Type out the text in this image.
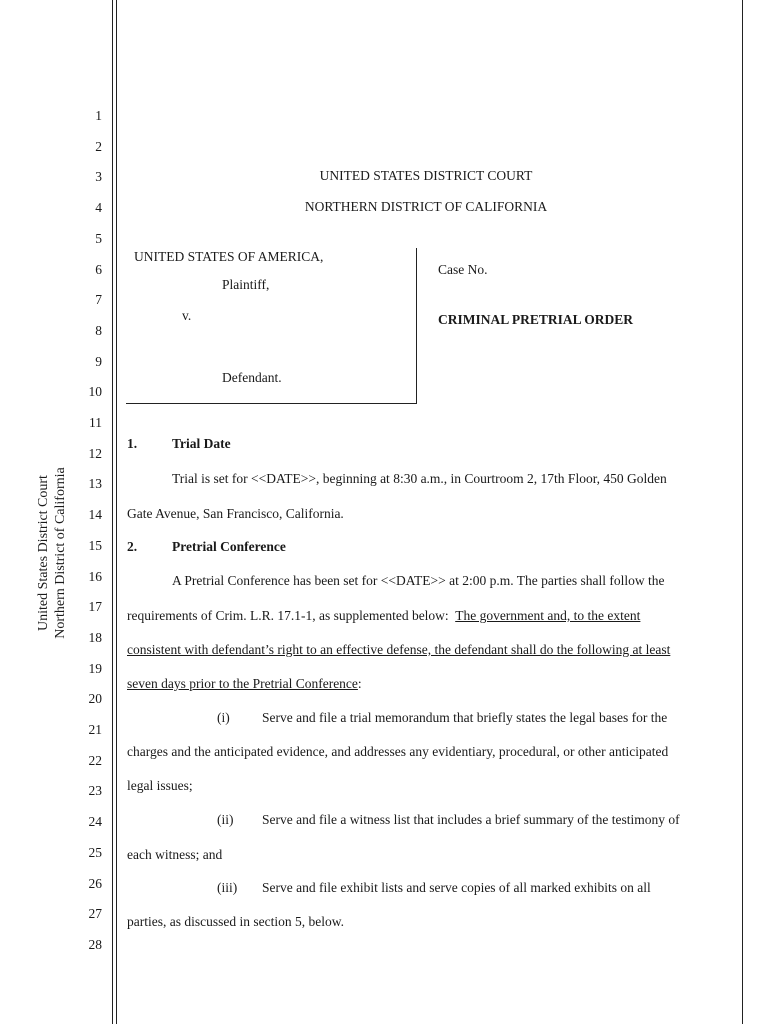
1
2
3
4
5
6
7
8
9
10
11
12
13
14
15
16
17
18
19
20
21
22
23
24
25
26
27
28
United States District Court Northern District of California
UNITED STATES DISTRICT COURT
NORTHERN DISTRICT OF CALIFORNIA
UNITED STATES OF AMERICA,
Plaintiff,
v.
Defendant.
Case No.
CRIMINAL PRETRIAL ORDER
1.	Trial Date
Trial is set for <<DATE>>, beginning at 8:30 a.m., in Courtroom 2, 17th Floor, 450 Golden
Gate Avenue, San Francisco, California.
2.	Pretrial Conference
A Pretrial Conference has been set for <<DATE>> at 2:00 p.m. The parties shall follow the
requirements of Crim. L.R. 17.1-1, as supplemented below:  The government and, to the extent
consistent with defendant’s right to an effective defense, the defendant shall do the following at least
seven days prior to the Pretrial Conference:
(i) Serve and file a trial memorandum that briefly states the legal bases for the
charges and the anticipated evidence, and addresses any evidentiary, procedural, or other anticipated
legal issues;
(ii) Serve and file a witness list that includes a brief summary of the testimony of
each witness; and
(iii) Serve and file exhibit lists and serve copies of all marked exhibits on all
parties, as discussed in section 5, below.
